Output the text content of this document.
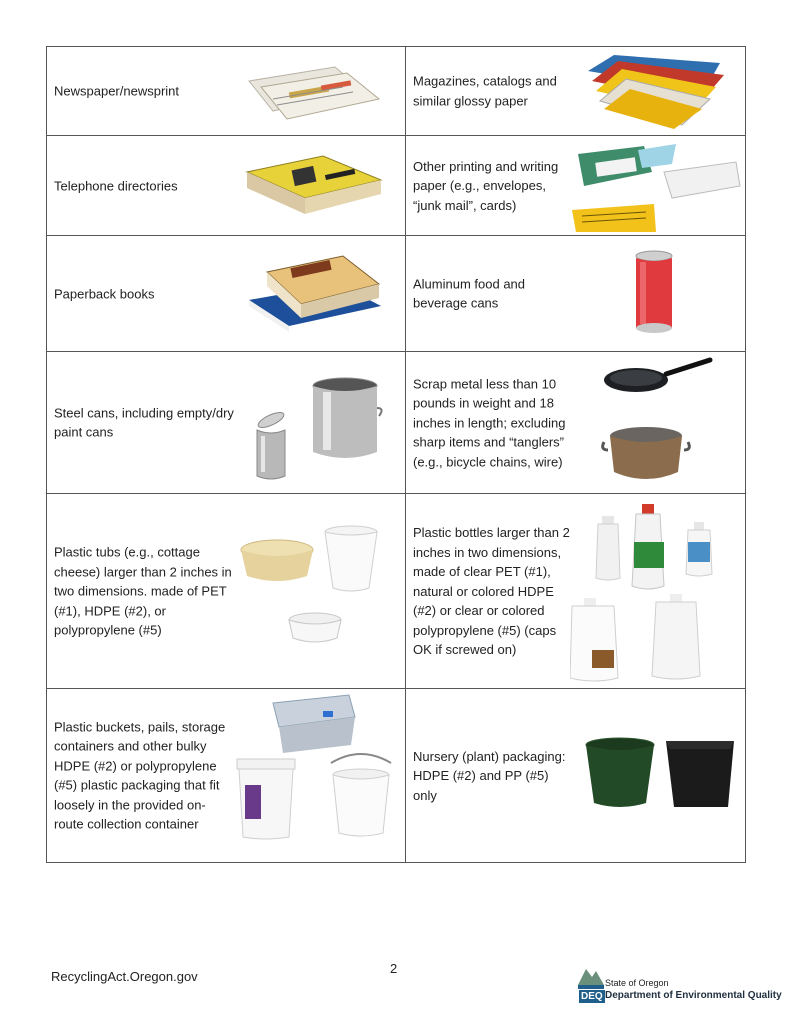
Newspaper/newsprint	Magazines, catalogs and similar glossy paper

Telephone directories	Other printing and writing paper (e.g., envelopes, “junk mail”, cards)

Paperback books	Aluminum food and beverage cans

Steel cans, including empty/dry paint cans	Scrap metal less than 10 pounds in weight and 18 inches in length; excluding sharp items and “tanglers” (e.g., bicycle chains, wire)

Plastic tubs (e.g., cottage cheese) larger than 2 inches in two dimensions. made of PET (#1), HDPE (#2), or polypropylene (#5)	Plastic bottles larger than 2 inches in two dimensions, made of clear PET (#1), natural or colored HDPE (#2) or clear or colored polypropylene (#5) (caps OK if screwed on)

Plastic buckets, pails, storage containers and other bulky HDPE (#2) or polypropylene (#5) plastic packaging that fit loosely in the provided on-route collection container	Nursery (plant) packaging: HDPE (#2) and PP (#5) only
RecyclingAct.Oregon.gov
2
State of Oregon
DEQ Department of Environmental Quality
